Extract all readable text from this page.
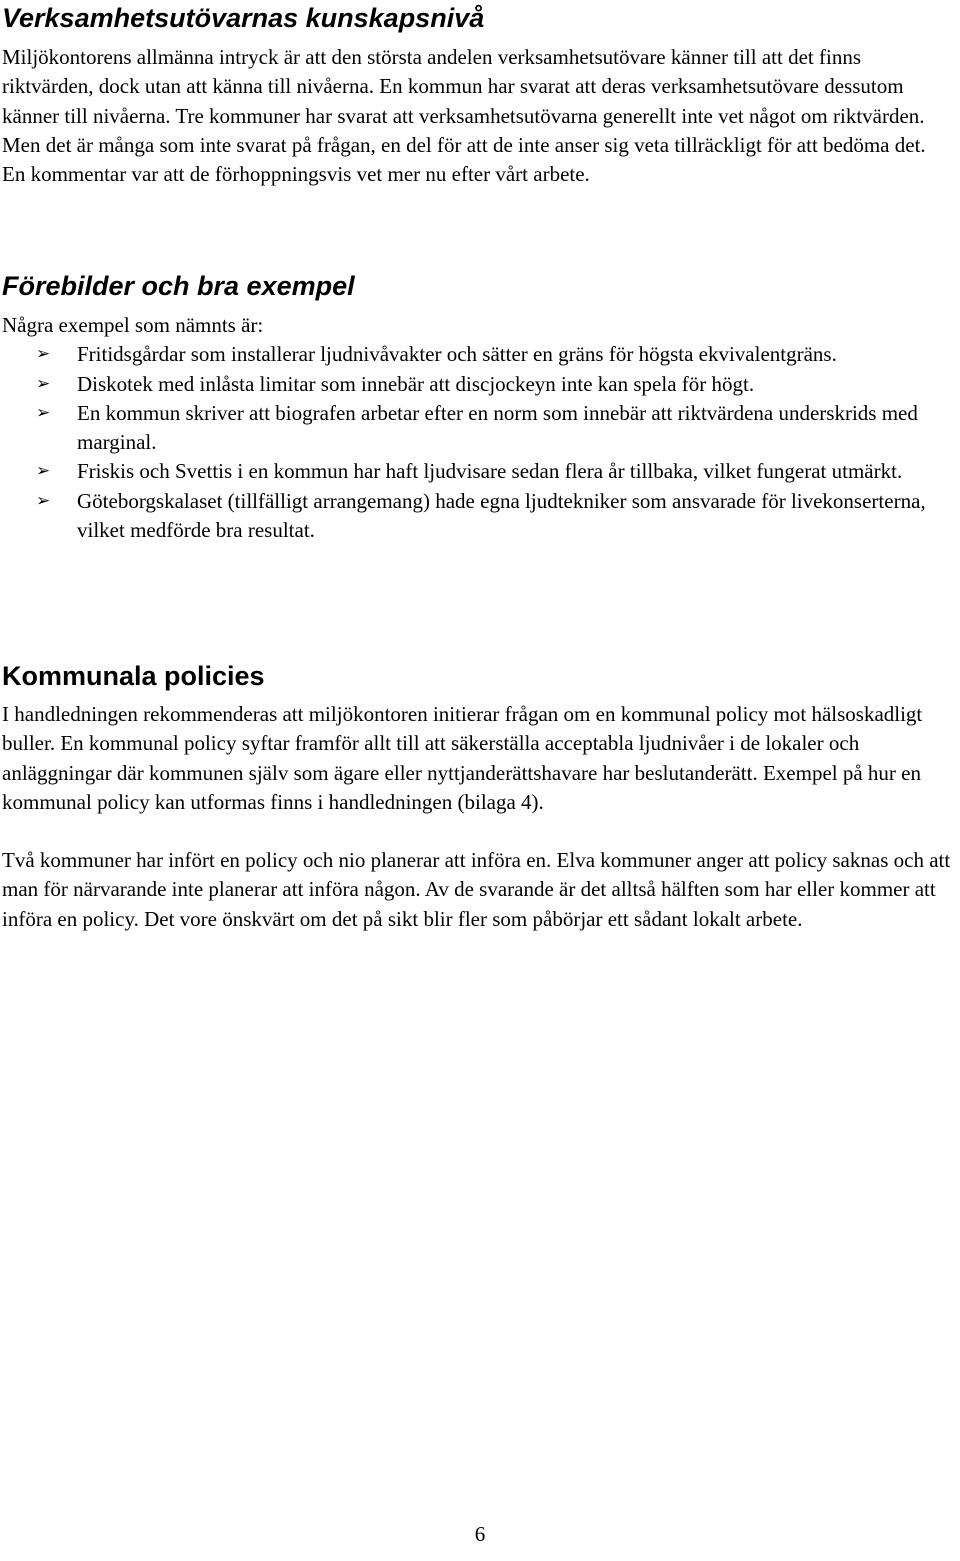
Verksamhetsutövarnas kunskapsnivå

Miljökontorens allmänna intryck är att den största andelen verksamhetsutövare känner till att det finns riktvärden, dock utan att känna till nivåerna. En kommun har svarat att deras verksamhetsutövare dessutom känner till nivåerna. Tre kommuner har svarat att verksamhetsutövarna generellt inte vet något om riktvärden. Men det är många som inte svarat på frågan, en del för att de inte anser sig veta tillräckligt för att bedöma det. En kommentar var att de förhoppningsvis vet mer nu efter vårt arbete.

Förebilder och bra exempel

Några exempel som nämnts är:

➢ Fritidsgårdar som installerar ljudnivåvakter och sätter en gräns för högsta ekvivalentgräns.
➢ Diskotek med inlåsta limitar som innebär att discjockeyn inte kan spela för högt.
➢ En kommun skriver att biografen arbetar efter en norm som innebär att riktvärdena underskrids med marginal.
➢ Friskis och Svettis i en kommun har haft ljudvisare sedan flera år tillbaka, vilket fungerat utmärkt.
➢ Göteborgskalaset (tillfälligt arrangemang) hade egna ljudtekniker som ansvarade för livekonserterna, vilket medförde bra resultat.
Kommunala policies

I handledningen rekommenderas att miljökontoren initierar frågan om en kommunal policy mot hälsoskadligt buller. En kommunal policy syftar framför allt till att säkerställa acceptabla ljudnivåer i de lokaler och anläggningar där kommunen själv som ägare eller nyttjanderättshavare har beslutanderätt. Exempel på hur en kommunal policy kan utformas finns i handledningen (bilaga 4).

Två kommuner har infört en policy och nio planerar att införa en. Elva kommuner anger att policy saknas och att man för närvarande inte planerar att införa någon. Av de svarande är det alltså hälften som har eller kommer att införa en policy. Det vore önskvärt om det på sikt blir fler som påbörjar ett sådant lokalt arbete.

6
